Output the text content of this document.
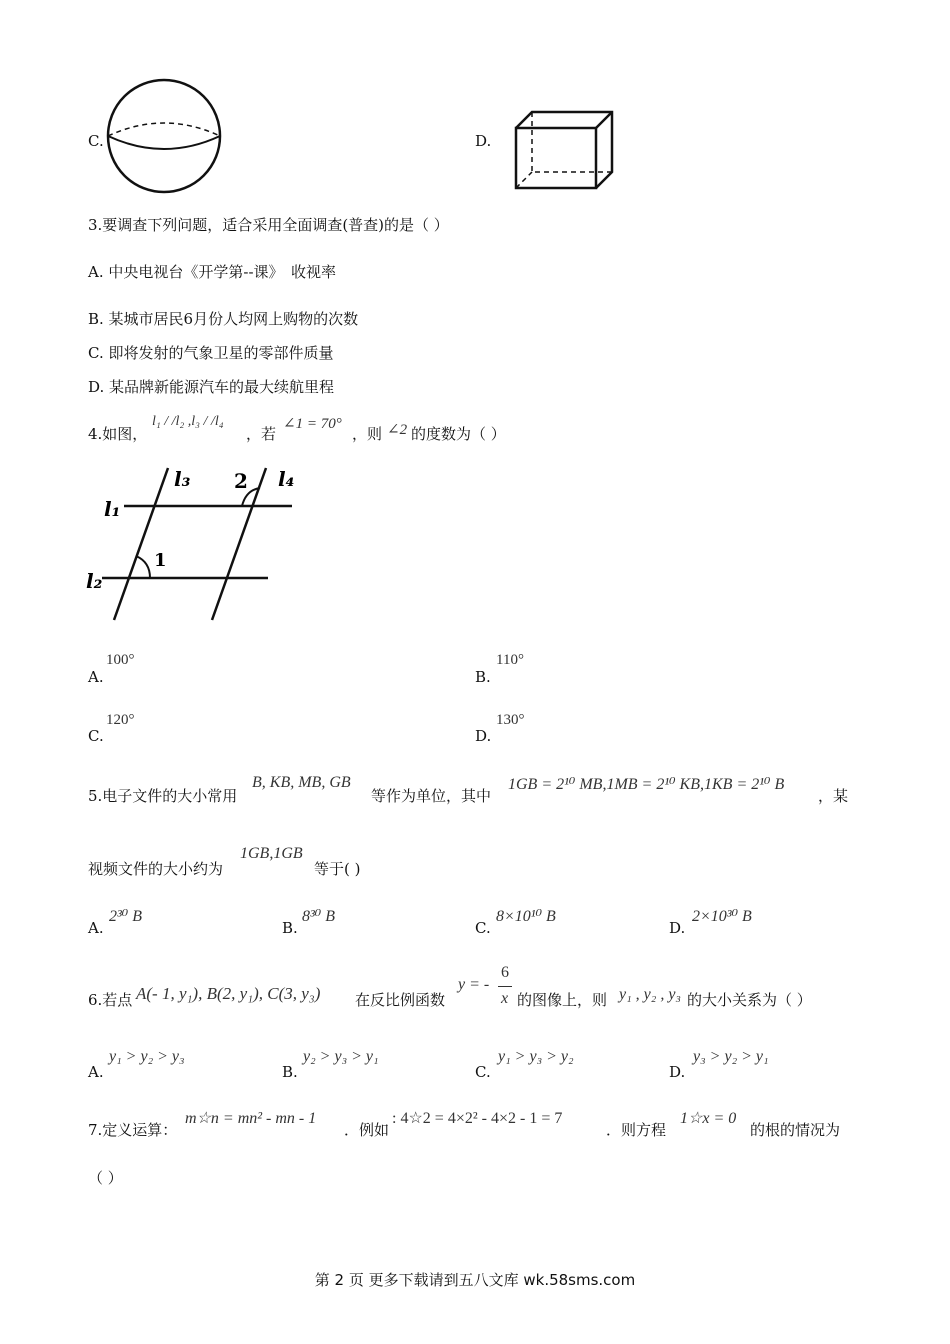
C.	D.
3.要调查下列问题，适合采用全面调查(普查)的是（ ）
A. 中央电视台《开学第--课》　收视率
B. 某城市居民6月份人均网上购物的次数
C. 即将发射的气象卫星的零部件质量
D. 某品牌新能源汽车的最大续航里程
4.如图，
l₁ / /l₂ ,l₃ / /l₄
，若
∠1 = 70°
，则 ∠2 的度数为（ ）
l₁
l₂
l₃	l₄
1
2
A.
100°
B.
110°
C.
120°
D.
130°
5.电子文件的大小常用
B, KB, MB, GB
等作为单位，其中
1GB = 2¹⁰ MB,1MB = 2¹⁰ KB,1KB = 2¹⁰ B
，某
视频文件的大小约为
1GB,1GB
等于( )
A.
2³⁰ B
B.
8³⁰ B
C.
8×10¹⁰ B
D.
2×10³⁰ B
6.若点 A(- 1, y₁), B(2, y₁), C(3, y₃) 在反比例函数
y = -
6
x 的图像上，则 y₁ , y₂ , y₃ 的大小关系为（ ）
A.
y₁ > y₂ > y₃
B.
y₂ > y₃ > y₁
C.
y₁ > y₃ > y₂
D.
y₃ > y₂ > y₁
7.定义运算：
m☆n = mn² - mn - 1
．例如
: 4☆2 = 4×2² - 4×2 - 1 = 7
．则方程
1☆x = 0
的根的情况为
（ ）
第 2 页 更多下载请到五八文库 wk.58sms.com
